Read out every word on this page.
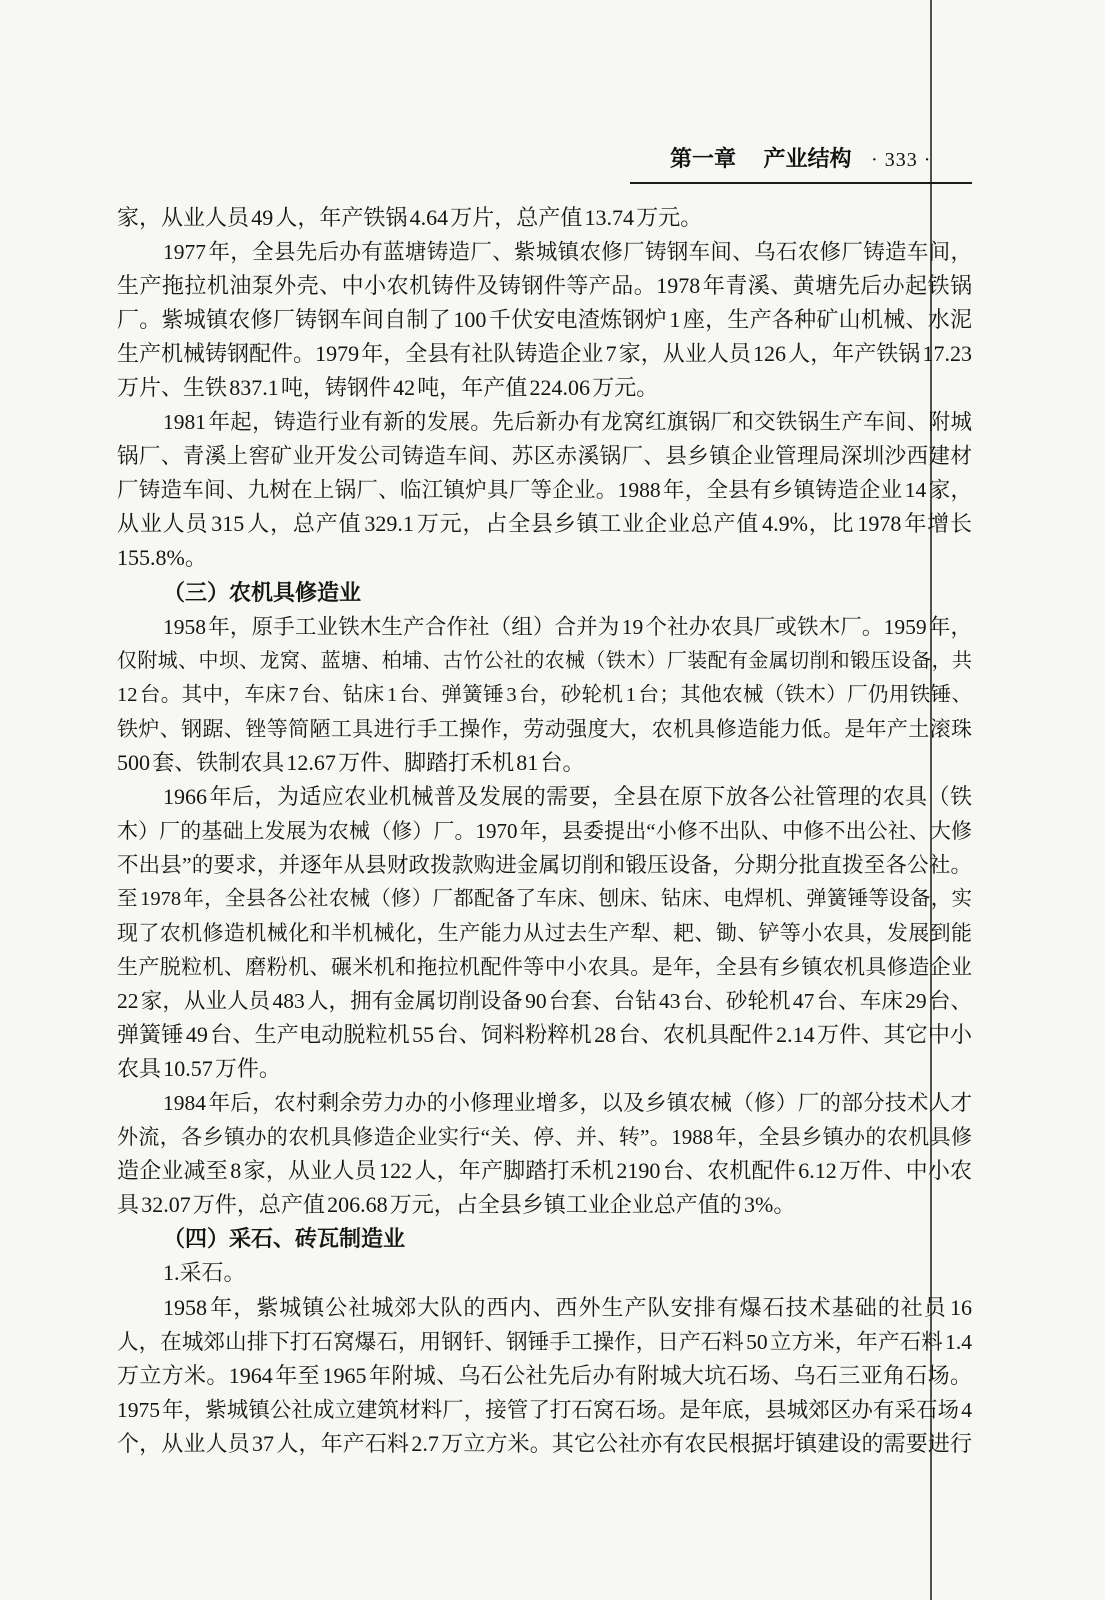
第一章 产业结构 · 333 ·
家，从业人员 49 人，年产铁锅 4.64 万片，总产值 13.74 万元。
1977 年，全县先后办有蓝塘铸造厂、紫城镇农修厂铸钢车间、乌石农修厂铸造车间，
生产拖拉机油泵外壳、中小农机铸件及铸钢件等产品。1978 年青溪、黄塘先后办起铁锅
厂。紫城镇农修厂铸钢车间自制了 100 千伏安电渣炼钢炉 1 座，生产各种矿山机械、水泥
生产机械铸钢配件。1979 年，全县有社队铸造企业 7 家，从业人员 126 人，年产铁锅 17.23
万片、生铁 837.1 吨，铸钢件 42 吨，年产值 224.06 万元。
1981 年起，铸造行业有新的发展。先后新办有龙窝红旗锅厂和交铁锅生产车间、附城
锅厂、青溪上窖矿业开发公司铸造车间、苏区赤溪锅厂、县乡镇企业管理局深圳沙西建材
厂铸造车间、九树在上锅厂、临江镇炉具厂等企业。1988 年，全县有乡镇铸造企业 14 家，
从业人员 315 人，总产值 329.1 万元，占全县乡镇工业企业总产值 4.9%，比 1978 年增长
155.8%。
（三）农机具修造业
1958 年，原手工业铁木生产合作社（组）合并为 19 个社办农具厂或铁木厂。1959 年，
仅附城、中坝、龙窝、蓝塘、柏埔、古竹公社的农械（铁木）厂装配有金属切削和锻压设备，共
12 台。其中，车床 7 台、钻床 1 台、弹簧锤 3 台，砂轮机 1 台；其他农械（铁木）厂仍用铁锤、
铁炉、钢踞、锉等简陋工具进行手工操作，劳动强度大，农机具修造能力低。是年产土滚珠
500 套、铁制农具 12.67 万件、脚踏打禾机 81 台。
1966 年后，为适应农业机械普及发展的需要，全县在原下放各公社管理的农具（铁
木）厂的基础上发展为农械（修）厂。1970 年，县委提出“小修不出队、中修不出公社、大修
不出县”的要求，并逐年从县财政拨款购进金属切削和锻压设备，分期分批直拨至各公社。
至 1978 年，全县各公社农械（修）厂都配备了车床、刨床、钻床、电焊机、弹簧锤等设备，实
现了农机修造机械化和半机械化，生产能力从过去生产犁、耙、锄、铲等小农具，发展到能
生产脱粒机、磨粉机、碾米机和拖拉机配件等中小农具。是年，全县有乡镇农机具修造企业
22 家，从业人员 483 人，拥有金属切削设备 90 台套、台钻 43 台、砂轮机 47 台、车床 29 台、
弹簧锤 49 台、生产电动脱粒机 55 台、饲料粉粹机 28 台、农机具配件 2.14 万件、其它中小
农具 10.57 万件。
1984 年后，农村剩余劳力办的小修理业增多，以及乡镇农械（修）厂的部分技术人才
外流，各乡镇办的农机具修造企业实行“关、停、并、转”。1988 年，全县乡镇办的农机具修
造企业减至 8 家，从业人员 122 人，年产脚踏打禾机 2190 台、农机配件 6.12 万件、中小农
具 32.07 万件，总产值 206.68 万元，占全县乡镇工业企业总产值的 3%。
（四）采石、砖瓦制造业
1.采石。
1958 年，紫城镇公社城郊大队的西内、西外生产队安排有爆石技术基础的社员 16
人，在城郊山排下打石窝爆石，用钢钎、钢锤手工操作，日产石料 50 立方米，年产石料 1.4
万立方米。1964 年至 1965 年附城、乌石公社先后办有附城大坑石场、乌石三亚角石场。
1975 年，紫城镇公社成立建筑材料厂，接管了打石窝石场。是年底，县城郊区办有采石场 4
个，从业人员 37 人，年产石料 2.7 万立方米。其它公社亦有农民根据圩镇建设的需要进行
